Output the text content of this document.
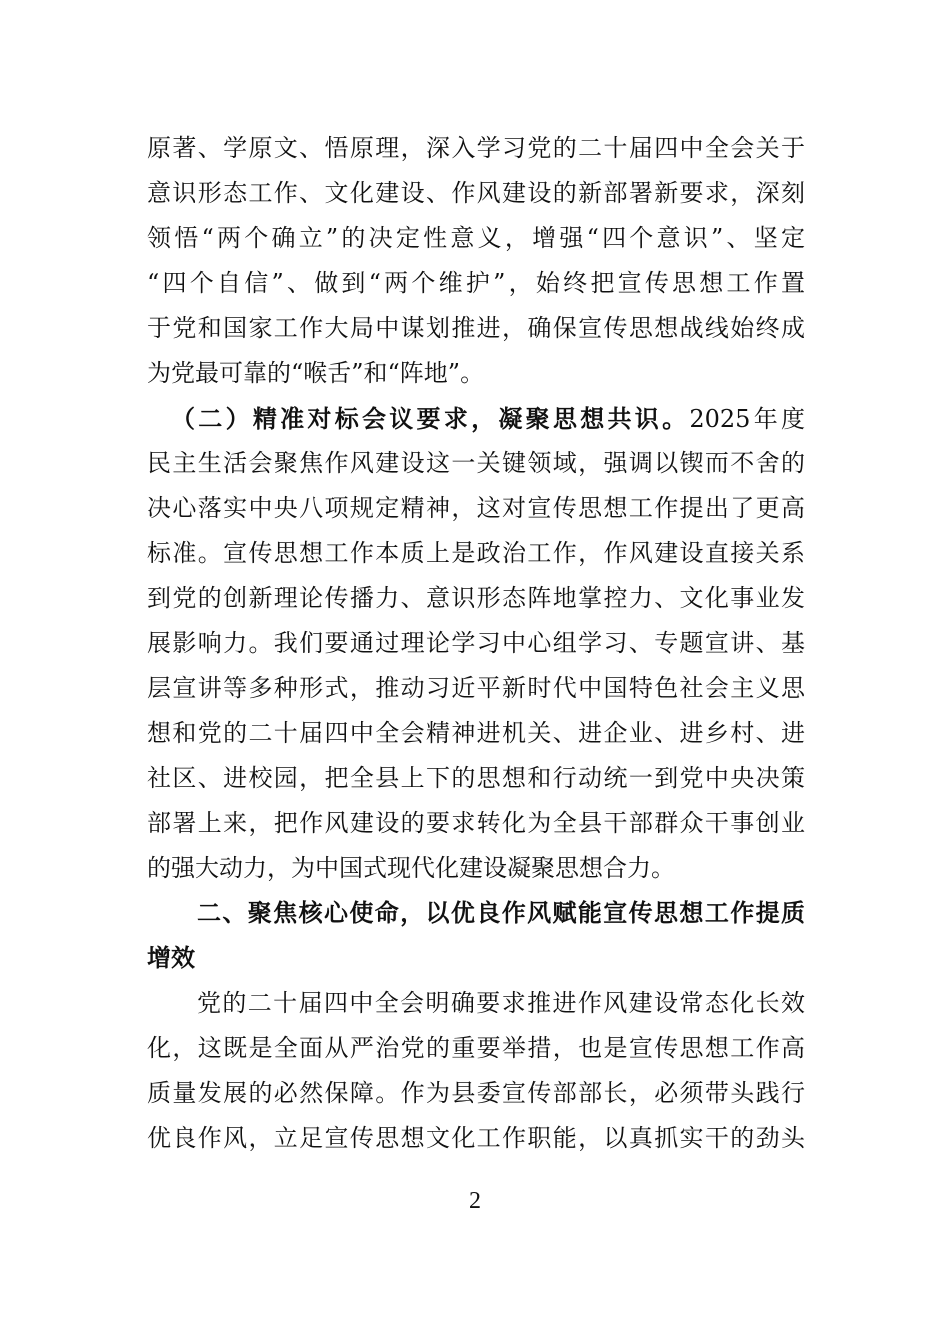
原著、学原文、悟原理，深入学习党的二十届四中全会关于
意识形态工作、文化建设、作风建设的新部署新要求，深刻
领悟“两个确立”的决定性意义，增强“四个意识”、坚定
“四个自信”、做到“两个维护”，始终把宣传思想工作置
于党和国家工作大局中谋划推进，确保宣传思想战线始终成
为党最可靠的“喉舌”和“阵地”。
（二）精准对标会议要求，凝聚思想共识。2025年度
民主生活会聚焦作风建设这一关键领域，强调以锲而不舍的
决心落实中央八项规定精神，这对宣传思想工作提出了更高
标准。宣传思想工作本质上是政治工作，作风建设直接关系
到党的创新理论传播力、意识形态阵地掌控力、文化事业发
展影响力。我们要通过理论学习中心组学习、专题宣讲、基
层宣讲等多种形式，推动习近平新时代中国特色社会主义思
想和党的二十届四中全会精神进机关、进企业、进乡村、进
社区、进校园，把全县上下的思想和行动统一到党中央决策
部署上来，把作风建设的要求转化为全县干部群众干事创业
的强大动力，为中国式现代化建设凝聚思想合力。
二、聚焦核心使命，以优良作风赋能宣传思想工作提质
增效
党的二十届四中全会明确要求推进作风建设常态化长效
化，这既是全面从严治党的重要举措，也是宣传思想工作高
质量发展的必然保障。作为县委宣传部部长，必须带头践行
优良作风，立足宣传思想文化工作职能，以真抓实干的劲头
2
